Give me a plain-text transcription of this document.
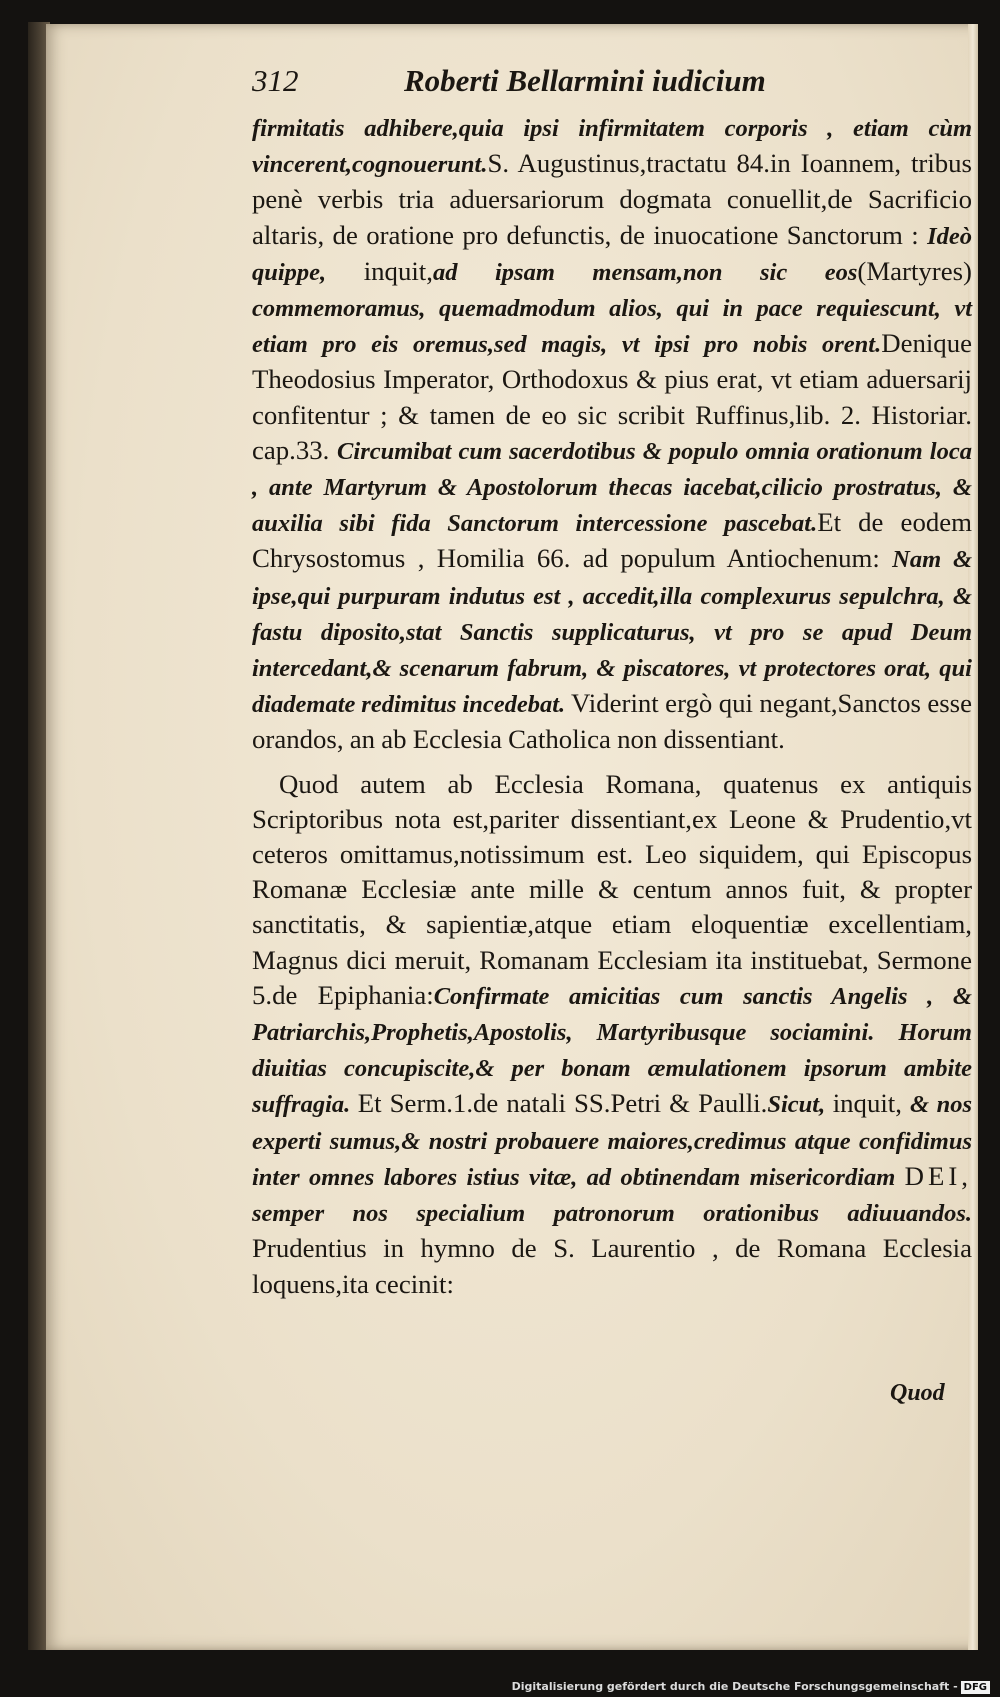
312	Roberti Bellarmini iudicium

firmitatis adhibere,quia ipsi infirmitatem corporis , etiam cùm vincerent,cognouerunt.S. Augustinus,tractatu 84.in Ioannem, tribus penè verbis tria aduersariorum dogmata conuellit,de Sacrificio altaris, de oratione pro defunctis, de inuocatione Sanctorum : Ideò quippe, inquit,ad ipsam mensam,non sic eos(Martyres) commemoramus, quemadmodum alios, qui in pace requiescunt, vt etiam pro eis oremus,sed magis, vt ipsi pro nobis orent.Denique Theodosius Imperator, Orthodoxus & pius erat, vt etiam aduersarij confitentur ; & tamen de eo sic scribit Ruffinus,lib. 2. Historiar. cap.33. Circumibat cum sacerdotibus & populo omnia orationum loca , ante Martyrum & Apostolorum thecas iacebat,cilicio prostratus, & auxilia sibi fida Sanctorum intercessione pascebat.Et de eodem Chrysostomus , Homilia 66. ad populum Antiochenum: Nam & ipse,qui purpuram indutus est , accedit,illa complexurus sepulchra, & fastu diposito,stat Sanctis supplicaturus, vt pro se apud Deum intercedant,& scenarum fabrum, & piscatores, vt protectores orat, qui diademate redimitus incedebat. Viderint ergò qui negant,Sanctos esse orandos, an ab Ecclesia Catholica non dissentiant.

Quod autem ab Ecclesia Romana, quatenus ex antiquis Scriptoribus nota est,pariter dissentiant,ex Leone & Prudentio,vt ceteros omittamus,notissimum est. Leo siquidem, qui Episcopus Romanæ Ecclesiæ ante mille & centum annos fuit, & propter sanctitatis, & sapientiæ,atque etiam eloquentiæ excellentiam, Magnus dici meruit, Romanam Ecclesiam ita instituebat, Sermone 5.de Epiphania:Confirmate amicitias cum sanctis Angelis , & Patriarchis,Prophetis,Apostolis, Martyribusque sociamini. Horum diuitias concupiscite,& per bonam æmulationem ipsorum ambite suffragia. Et Serm.1.de natali SS.Petri & Paulli.Sicut, inquit, & nos experti sumus,& nostri probauere maiores,credimus atque confidimus inter omnes labores istius vitæ, ad obtinendam misericordiam DEI, semper nos specialium patronorum orationibus adiuuandos. Prudentius in hymno de S. Laurentio , de Romana Ecclesia loquens,ita cecinit:

Quod
Digitalisierung gefördert durch die Deutsche Forschungsgemeinschaft - DFG
